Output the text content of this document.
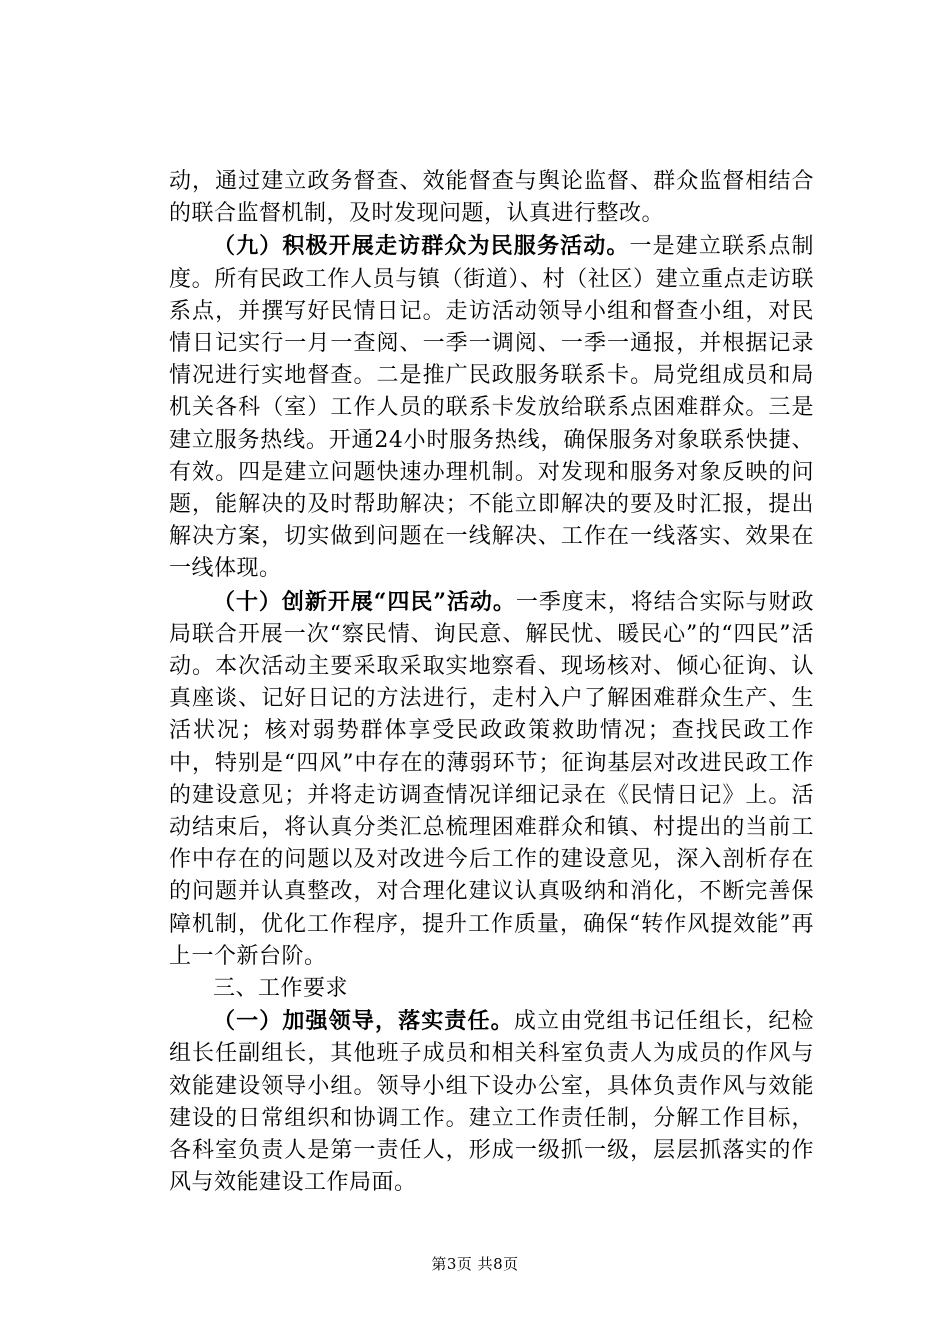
动，通过建立政务督查、效能督查与舆论监督、群众监督相结合的联合监督机制，及时发现问题，认真进行整改。

（九）积极开展走访群众为民服务活动。一是建立联系点制度。所有民政工作人员与镇（街道）、村（社区）建立重点走访联系点，并撰写好民情日记。走访活动领导小组和督查小组，对民情日记实行一月一查阅、一季一调阅、一季一通报，并根据记录情况进行实地督查。二是推广民政服务联系卡。局党组成员和局机关各科（室）工作人员的联系卡发放给联系点困难群众。三是建立服务热线。开通24小时服务热线，确保服务对象联系快捷、有效。四是建立问题快速办理机制。对发现和服务对象反映的问题，能解决的及时帮助解决；不能立即解决的要及时汇报，提出解决方案，切实做到问题在一线解决、工作在一线落实、效果在一线体现。

（十）创新开展“四民”活动。一季度末，将结合实际与财政局联合开展一次“察民情、询民意、解民忧、暖民心”的“四民”活动。本次活动主要采取采取实地察看、现场核对、倾心征询、认真座谈、记好日记的方法进行，走村入户了解困难群众生产、生活状况；核对弱势群体享受民政政策救助情况；查找民政工作中，特别是“四风”中存在的薄弱环节；征询基层对改进民政工作的建设意见；并将走访调查情况详细记录在《民情日记》上。活动结束后，将认真分类汇总梳理困难群众和镇、村提出的当前工作中存在的问题以及对改进今后工作的建设意见，深入剖析存在的问题并认真整改，对合理化建议认真吸纳和消化，不断完善保障机制，优化工作程序，提升工作质量，确保“转作风提效能”再上一个新台阶。

三、工作要求

（一）加强领导，落实责任。成立由党组书记任组长，纪检组长任副组长，其他班子成员和相关科室负责人为成员的作风与效能建设领导小组。领导小组下设办公室，具体负责作风与效能建设的日常组织和协调工作。建立工作责任制，分解工作目标，各科室负责人是第一责任人，形成一级抓一级，层层抓落实的作风与效能建设工作局面。

第3页 共8页
